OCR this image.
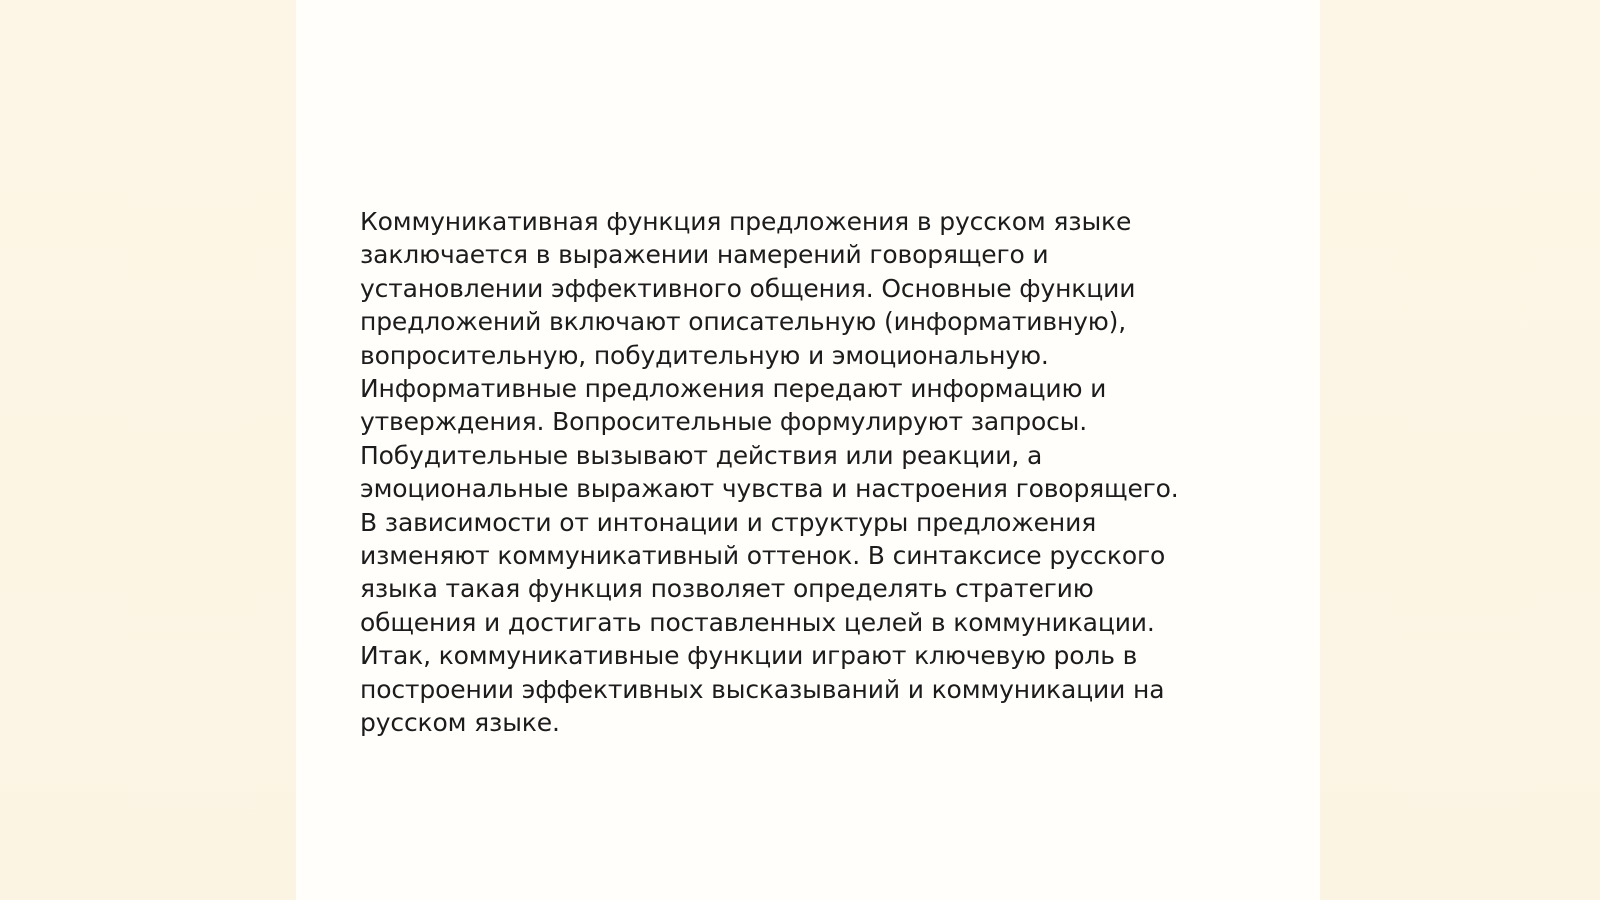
Коммуникативная функция предложения в русском языке
заключается в выражении намерений говорящего и
установлении эффективного общения. Основные функции
предложений включают описательную (информативную),
вопросительную, побудительную и эмоциональную.
Информативные предложения передают информацию и
утверждения. Вопросительные формулируют запросы.
Побудительные вызывают действия или реакции, а
эмоциональные выражают чувства и настроения говорящего.
В зависимости от интонации и структуры предложения
изменяют коммуникативный оттенок. В синтаксисе русского
языка такая функция позволяет определять стратегию
общения и достигать поставленных целей в коммуникации.
Итак, коммуникативные функции играют ключевую роль в
построении эффективных высказываний и коммуникации на
русском языке.
